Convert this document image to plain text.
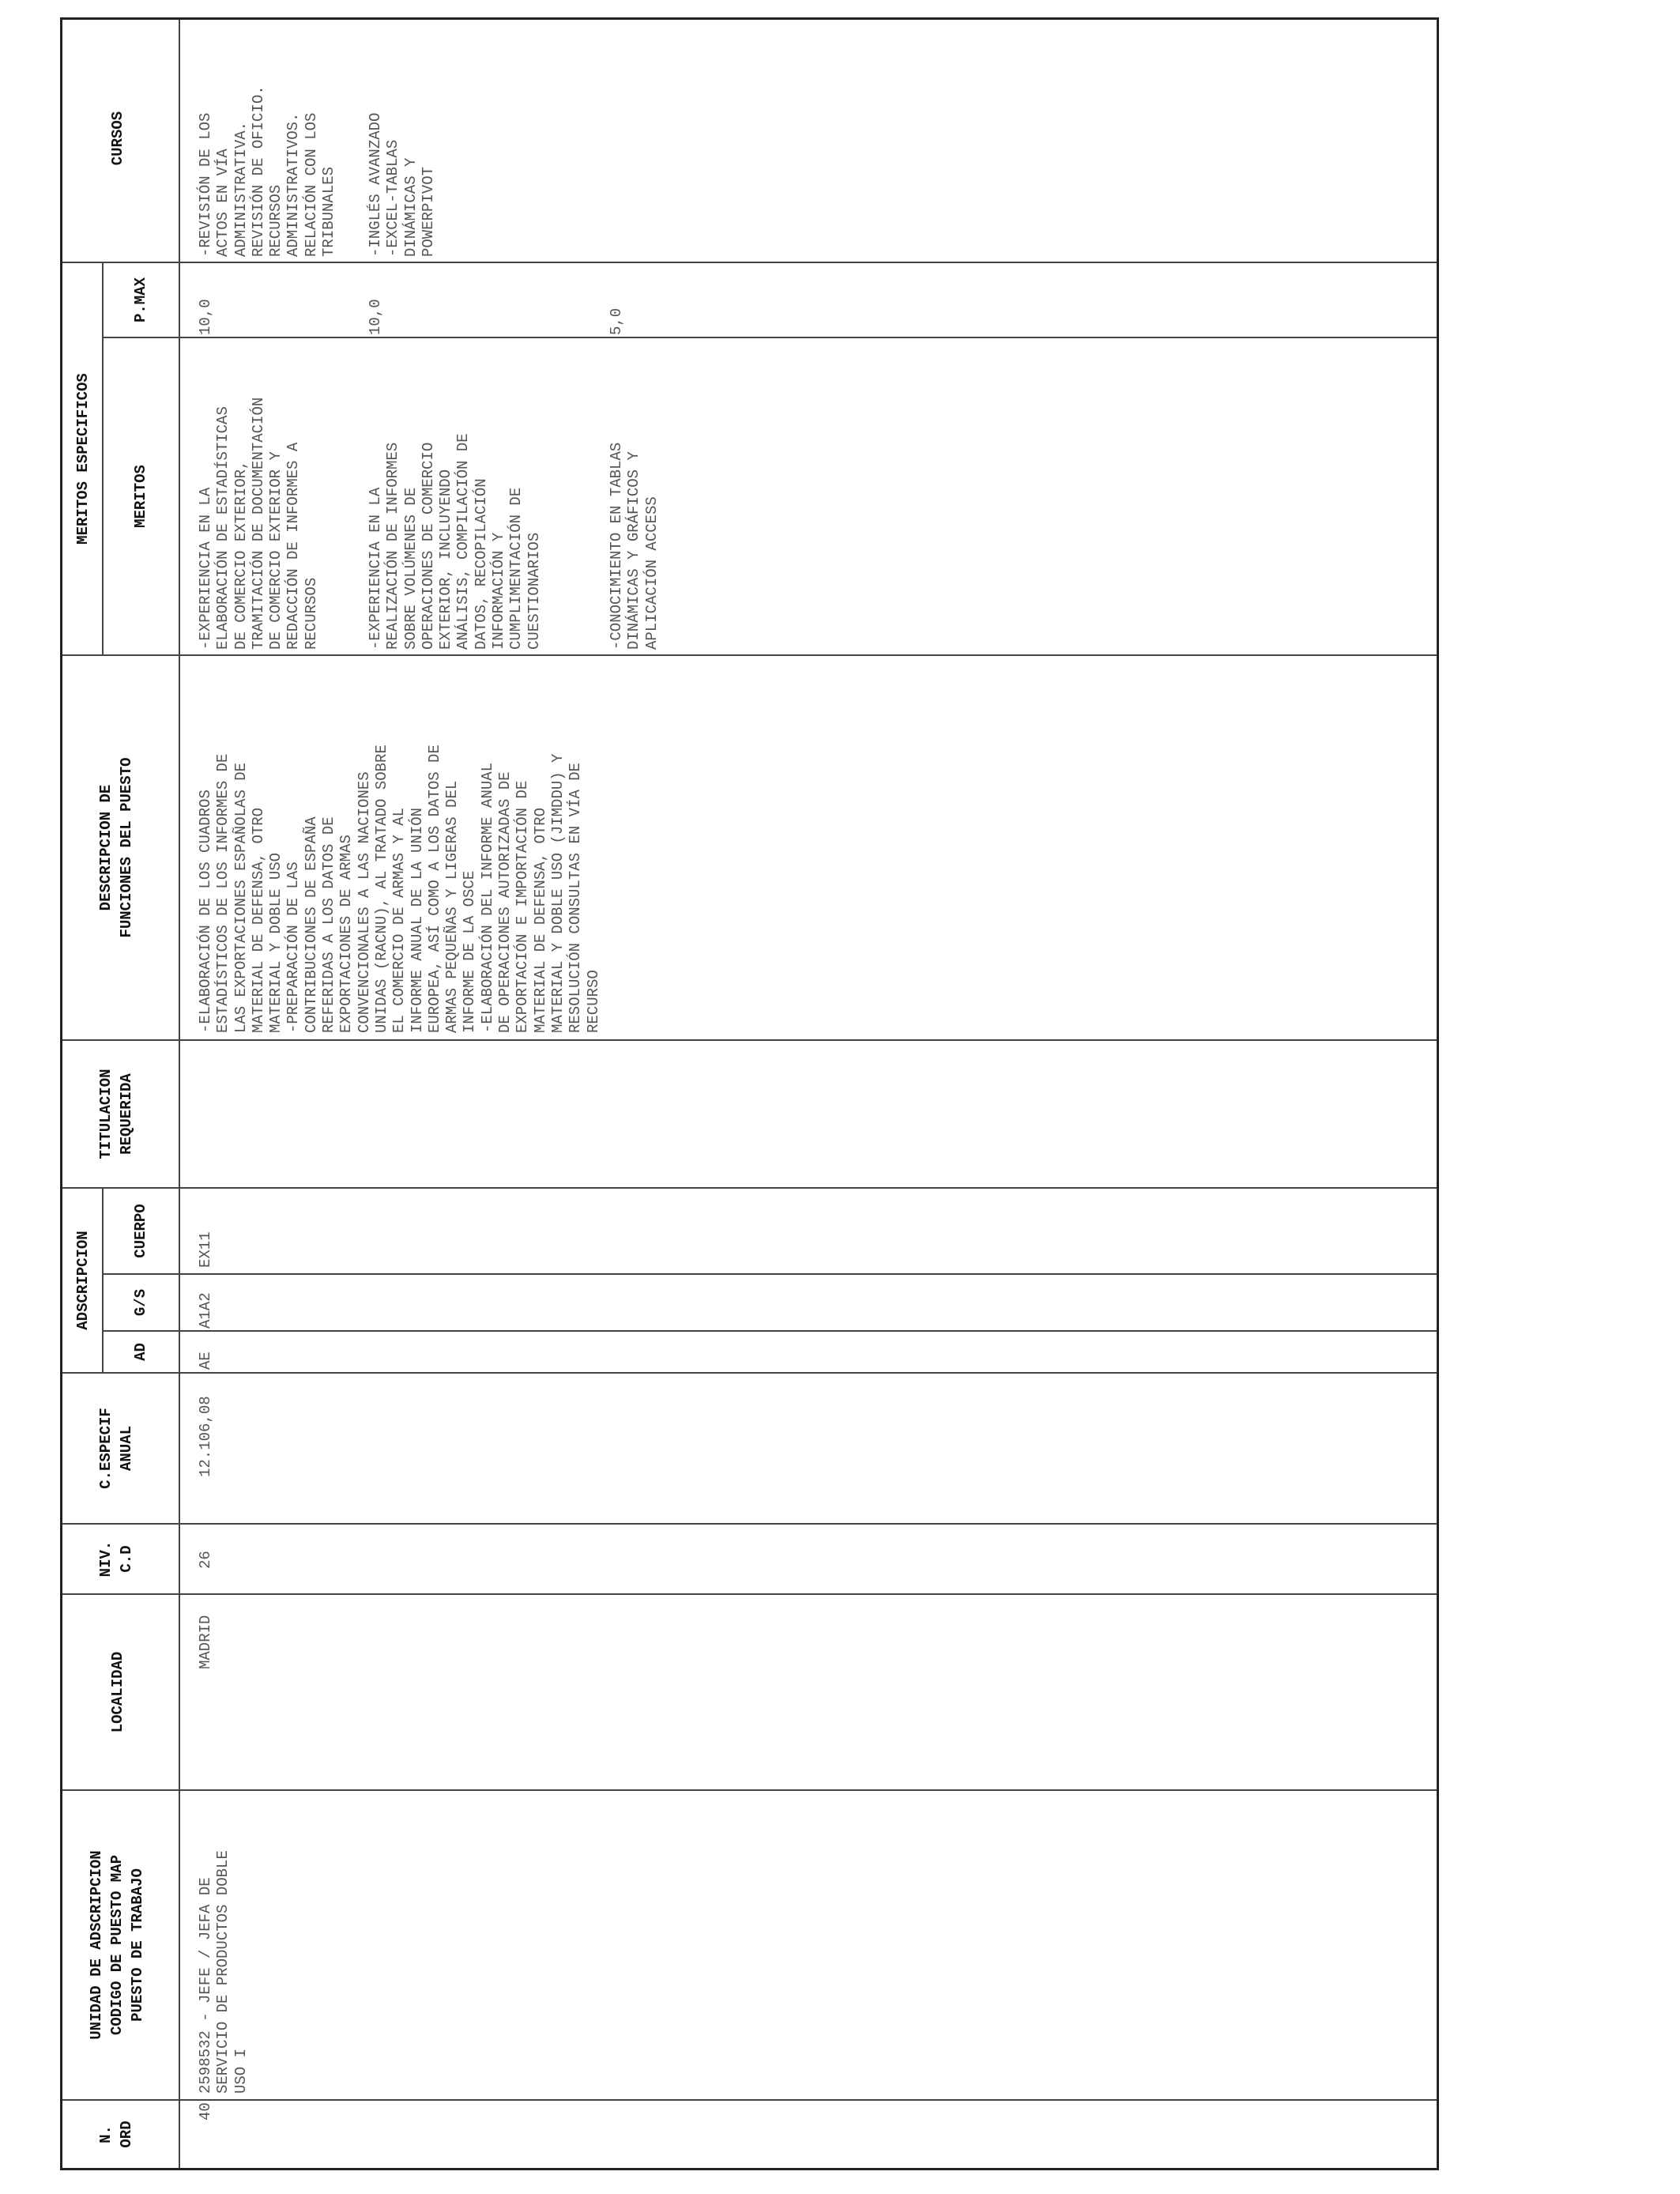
N.
ORD
UNIDAD DE ADSCRIPCION
CODIGO DE PUESTO MAP
PUESTO DE TRABAJO
LOCALIDAD
NIV.
C.D
C.ESPECIF
ANUAL
ADSCRIPCION
AD
G/S
CUERPO
TITULACION
REQUERIDA
DESCRIPCION DE
FUNCIONES DEL PUESTO
MERITOS ESPECIFICOS	MERITOS
P.MAX
CURSOS
40
2598532 - JEFE / JEFA DE
SERVICIO DE PRODUCTOS DOBLE
USO I
MADRID
26
12.106,08
AE
A1A2
EX11
-ELABORACIÓN DE LOS CUADROS
ESTADÍSTICOS DE LOS INFORMES DE
LAS EXPORTACIONES ESPAÑOLAS DE
MATERIAL DE DEFENSA, OTRO
MATERIAL Y DOBLE USO
-PREPARACIÓN DE LAS
CONTRIBUCIONES DE ESPAÑA
REFERIDAS A LOS DATOS DE
EXPORTACIONES DE ARMAS
CONVENCIONALES A LAS NACIONES
UNIDAS (RACNU), AL TRATADO SOBRE
EL COMERCIO DE ARMAS Y AL
INFORME ANUAL DE LA UNIÓN
EUROPEA, ASÍ COMO A LOS DATOS DE
ARMAS PEQUEÑAS Y LIGERAS DEL
INFORME DE LA OSCE
-ELABORACIÓN DEL INFORME ANUAL
DE OPERACIONES AUTORIZADAS DE
EXPORTACIÓN E IMPORTACIÓN DE
MATERIAL DE DEFENSA, OTRO
MATERIAL Y DOBLE USO (JIMDDU) Y
RESOLUCIÓN CONSULTAS EN VÍA DE
RECURSO
-EXPERIENCIA EN LA
ELABORACIÓN DE ESTADÍSTICAS
DE COMERCIO EXTERIOR,
TRAMITACIÓN DE DOCUMENTACIÓN
DE COMERCIO EXTERIOR Y
REDACCIÓN DE INFORMES A
RECURSOS
10,0
-EXPERIENCIA EN LA
REALIZACIÓN DE INFORMES
SOBRE VOLÚMENES DE
OPERACIONES DE COMERCIO
EXTERIOR, INCLUYENDO
ANÁLISIS, COMPILACIÓN DE
DATOS, RECOPILACIÓN
INFORMACIÓN Y
CUMPLIMENTACIÓN DE
CUESTIONARIOS
10,0
-CONOCIMIENTO EN TABLAS
DINÁMICAS Y GRÁFICOS Y
APLICACIÓN ACCESS
5,0
-REVISIÓN DE LOS
ACTOS EN VÍA
ADMINISTRATIVA.
REVISIÓN DE OFICIO.
RECURSOS
ADMINISTRATIVOS.
RELACIÓN CON LOS
TRIBUNALES -INGLÉS AVANZADO
-EXCEL-TABLAS
DINÁMICAS Y
POWERPIVOT
